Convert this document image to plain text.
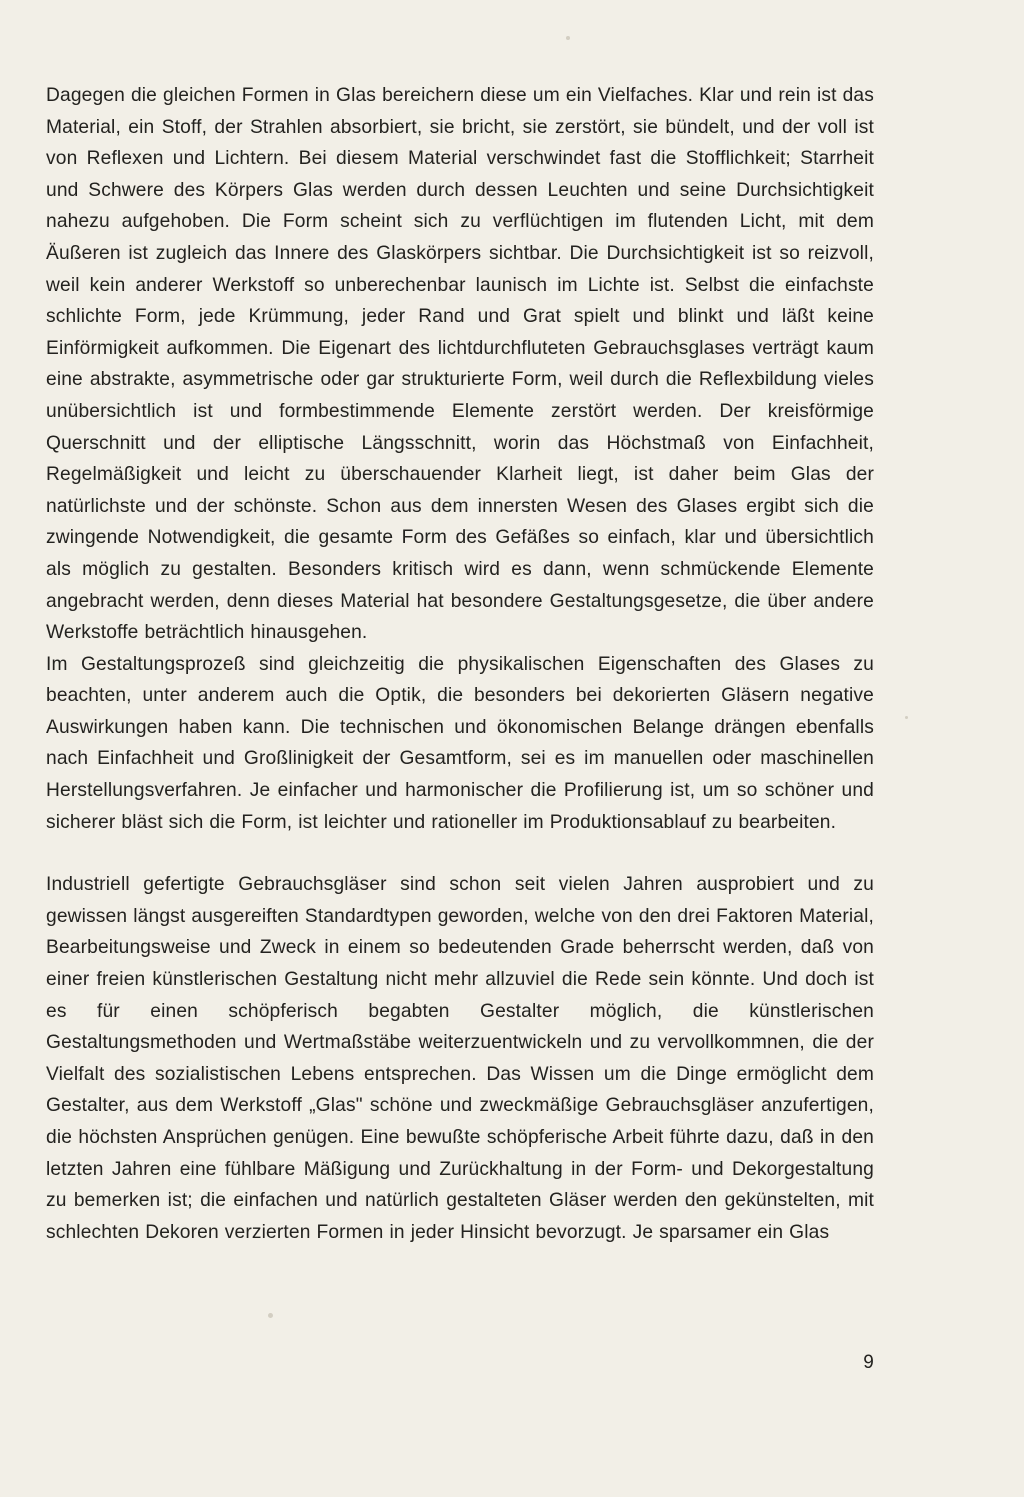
Dagegen die gleichen Formen in Glas bereichern diese um ein Vielfaches. Klar und rein ist das Material, ein Stoff, der Strahlen absorbiert, sie bricht, sie zerstört, sie bündelt, und der voll ist von Reflexen und Lichtern. Bei diesem Material verschwindet fast die Stofflichkeit; Starrheit und Schwere des Körpers Glas werden durch dessen Leuchten und seine Durchsichtigkeit nahezu aufgehoben. Die Form scheint sich zu verflüchtigen im flutenden Licht, mit dem Äußeren ist zugleich das Innere des Glaskörpers sichtbar. Die Durchsichtigkeit ist so reizvoll, weil kein anderer Werkstoff so unberechenbar launisch im Lichte ist. Selbst die einfachste schlichte Form, jede Krümmung, jeder Rand und Grat spielt und blinkt und läßt keine Einförmigkeit aufkommen. Die Eigenart des lichtdurchfluteten Gebrauchsglases verträgt kaum eine abstrakte, asymmetrische oder gar strukturierte Form, weil durch die Reflexbildung vieles unübersichtlich ist und formbestimmende Elemente zerstört werden. Der kreisförmige Querschnitt und der elliptische Längsschnitt, worin das Höchstmaß von Einfachheit, Regelmäßigkeit und leicht zu überschauender Klarheit liegt, ist daher beim Glas der natürlichste und der schönste. Schon aus dem innersten Wesen des Glases ergibt sich die zwingende Notwendigkeit, die gesamte Form des Gefäßes so einfach, klar und übersichtlich als möglich zu gestalten. Besonders kritisch wird es dann, wenn schmückende Elemente angebracht werden, denn dieses Material hat besondere Gestaltungsgesetze, die über andere Werkstoffe beträchtlich hinausgehen.

Im Gestaltungsprozeß sind gleichzeitig die physikalischen Eigenschaften des Glases zu beachten, unter anderem auch die Optik, die besonders bei dekorierten Gläsern negative Auswirkungen haben kann. Die technischen und ökonomischen Belange drängen ebenfalls nach Einfachheit und Großlinigkeit der Gesamtform, sei es im manuellen oder maschinellen Herstellungsverfahren. Je einfacher und harmonischer die Profilierung ist, um so schöner und sicherer bläst sich die Form, ist leichter und rationeller im Produktionsablauf zu bearbeiten.

Industriell gefertigte Gebrauchsgläser sind schon seit vielen Jahren ausprobiert und zu gewissen längst ausgereiften Standardtypen geworden, welche von den drei Faktoren Material, Bearbeitungsweise und Zweck in einem so bedeutenden Grade beherrscht werden, daß von einer freien künstlerischen Gestaltung nicht mehr allzuviel die Rede sein könnte. Und doch ist es für einen schöpferisch begabten Gestalter möglich, die künstlerischen Gestaltungsmethoden und Wertmaßstäbe weiterzuentwickeln und zu vervollkommnen, die der Vielfalt des sozialistischen Lebens entsprechen. Das Wissen um die Dinge ermöglicht dem Gestalter, aus dem Werkstoff „Glas" schöne und zweckmäßige Gebrauchsgläser anzufertigen, die höchsten Ansprüchen genügen. Eine bewußte schöpferische Arbeit führte dazu, daß in den letzten Jahren eine fühlbare Mäßigung und Zurückhaltung in der Form- und Dekorgestaltung zu bemerken ist; die einfachen und natürlich gestalteten Gläser werden den gekünstelten, mit schlechten Dekoren verzierten Formen in jeder Hinsicht bevorzugt. Je sparsamer ein Glas

9
